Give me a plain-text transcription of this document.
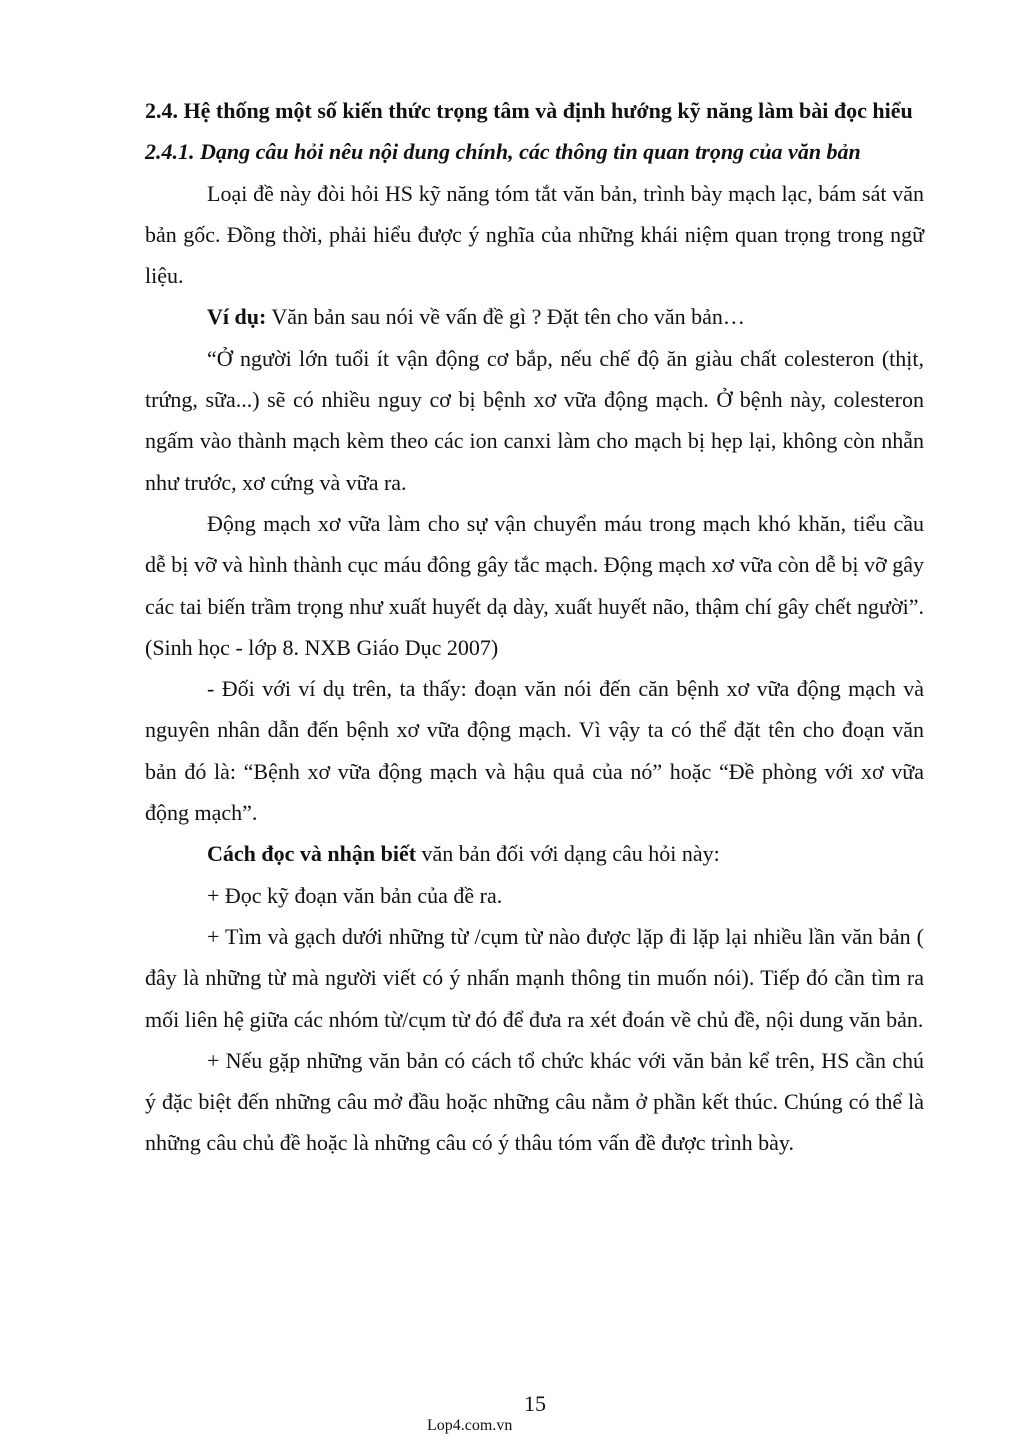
2.4. Hệ thống một số kiến thức trọng tâm và định hướng kỹ năng làm bài đọc hiểu

2.4.1. Dạng câu hỏi nêu nội dung chính, các thông tin quan trọng của văn bản

Loại đề này đòi hỏi HS kỹ năng tóm tắt văn bản, trình bày mạch lạc, bám sát văn bản gốc. Đồng thời, phải hiểu được ý nghĩa của những khái niệm quan trọng trong ngữ liệu.

Ví dụ: Văn bản sau nói về vấn đề gì ? Đặt tên cho văn bản…

“Ở người lớn tuổi ít vận động cơ bắp, nếu chế độ ăn giàu chất colesteron (thịt, trứng, sữa...) sẽ có nhiều nguy cơ bị bệnh xơ vữa động mạch. Ở bệnh này, colesteron ngấm vào thành mạch kèm theo các ion canxi làm cho mạch bị hẹp lại, không còn nhẵn như trước, xơ cứng và vữa ra.

Động mạch xơ vữa làm cho sự vận chuyển máu trong mạch khó khăn, tiểu cầu dễ bị vỡ và hình thành cục máu đông gây tắc mạch. Động mạch xơ vữa còn dễ bị vỡ gây các tai biến trầm trọng như xuất huyết dạ dày, xuất huyết não, thậm chí gây chết người”. (Sinh học - lớp 8. NXB Giáo Dục 2007)

- Đối với ví dụ trên, ta thấy: đoạn văn nói đến căn bệnh xơ vữa động mạch và nguyên nhân dẫn đến bệnh xơ vữa động mạch. Vì vậy ta có thể đặt tên cho đoạn văn bản đó là: “Bệnh xơ vữa động mạch và hậu quả của nó” hoặc “Đề phòng với xơ vữa động mạch”.

Cách đọc và nhận biết văn bản đối với dạng câu hỏi này:

+ Đọc kỹ đoạn văn bản của đề ra.

+ Tìm và gạch dưới những từ /cụm từ nào được lặp đi lặp lại nhiều lần văn bản ( đây là những từ mà người viết có ý nhấn mạnh thông tin muốn nói). Tiếp đó cần tìm ra mối liên hệ giữa các nhóm từ/cụm từ đó để đưa ra xét đoán về chủ đề, nội dung văn bản.

+ Nếu gặp những văn bản có cách tổ chức khác với văn bản kể trên, HS cần chú ý đặc biệt đến những câu mở đầu hoặc những câu nằm ở phần kết thúc. Chúng có thể là những câu chủ đề hoặc là những câu có ý thâu tóm vấn đề được trình bày.

15
Lop4.com.vn
